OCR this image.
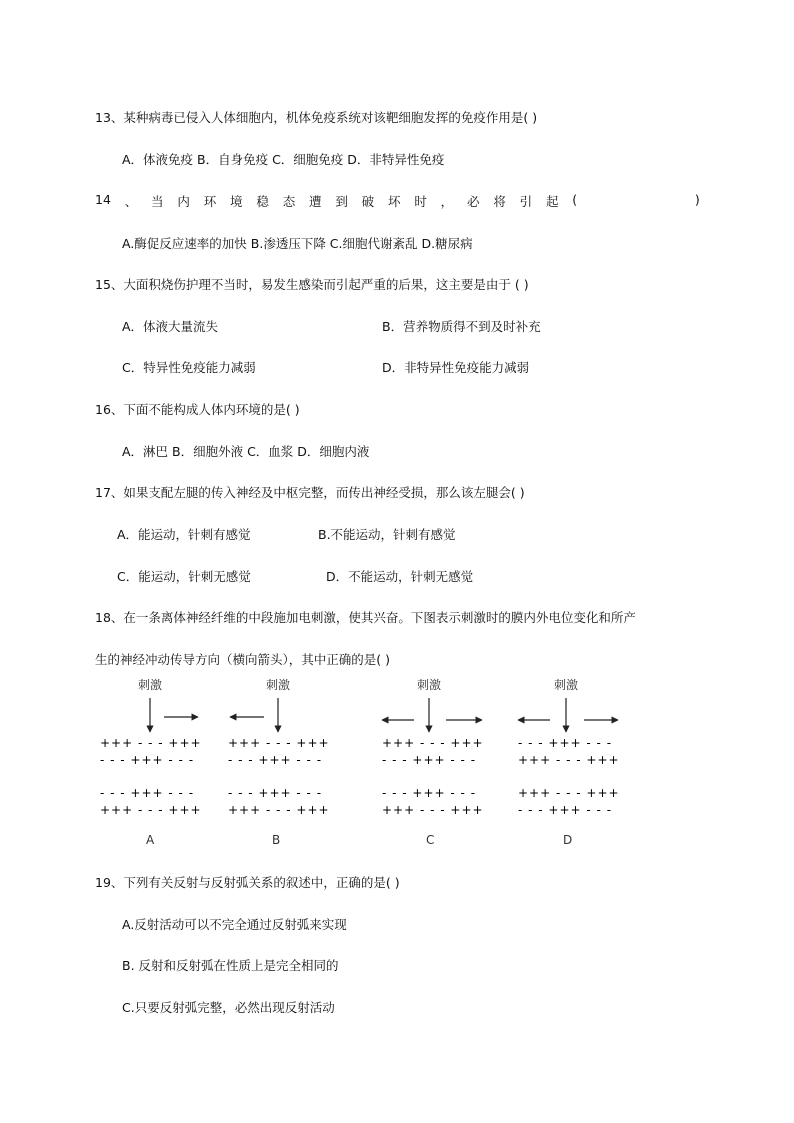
13、某种病毒已侵入人体细胞内，机体免疫系统对该靶细胞发挥的免疫作用是( )
A．体液免疫 B．自身免疫 C．细胞免疫 D．非特异性免疫
14 、 当 内 环 境 稳 态 遭 到 破 坏 时 ， 必 将 引 起 (	)
A.酶促反应速率的加快 B.渗透压下降 C.细胞代谢紊乱 D.糖尿病
15、大面积烧伤护理不当时，易发生感染而引起严重的后果，这主要是由于 ( )
A．体液大量流失	B．营养物质得不到及时补充
C．特异性免疫能力减弱	D．非特异性免疫能力减弱
16、下面不能构成人体内环境的是( )
A．淋巴 B．细胞外液 C．血浆 D．细胞内液
17、如果支配左腿的传入神经及中枢完整，而传出神经受损，那么该左腿会( )
A．能运动，针刺有感觉	B.不能运动，针刺有感觉
C．能运动，针刺无感觉	D．不能运动，针刺无感觉
18、在一条离体神经纤维的中段施加电刺激，使其兴奋。下图表示刺激时的膜内外电位变化和所产
生的神经冲动传导方向（横向箭头），其中正确的是( )
刺激
+++ - - - +++
- - - +++ - - -
- - - +++ - - -
+++ - - - +++
A
刺激
+++ - - - +++
- - - +++ - - -
- - - +++ - - -
+++ - - - +++
B
刺激
+++ - - - +++
- - - +++ - - -
- - - +++ - - -
+++ - - - +++
C
刺激
- - - +++ - - -
+++ - - - +++
+++ - - - +++
- - - +++ - - -
D
19、下列有关反射与反射弧关系的叙述中，正确的是( )
A.反射活动可以不完全通过反射弧来实现
B. 反射和反射弧在性质上是完全相同的
C.只要反射弧完整，必然出现反射活动
